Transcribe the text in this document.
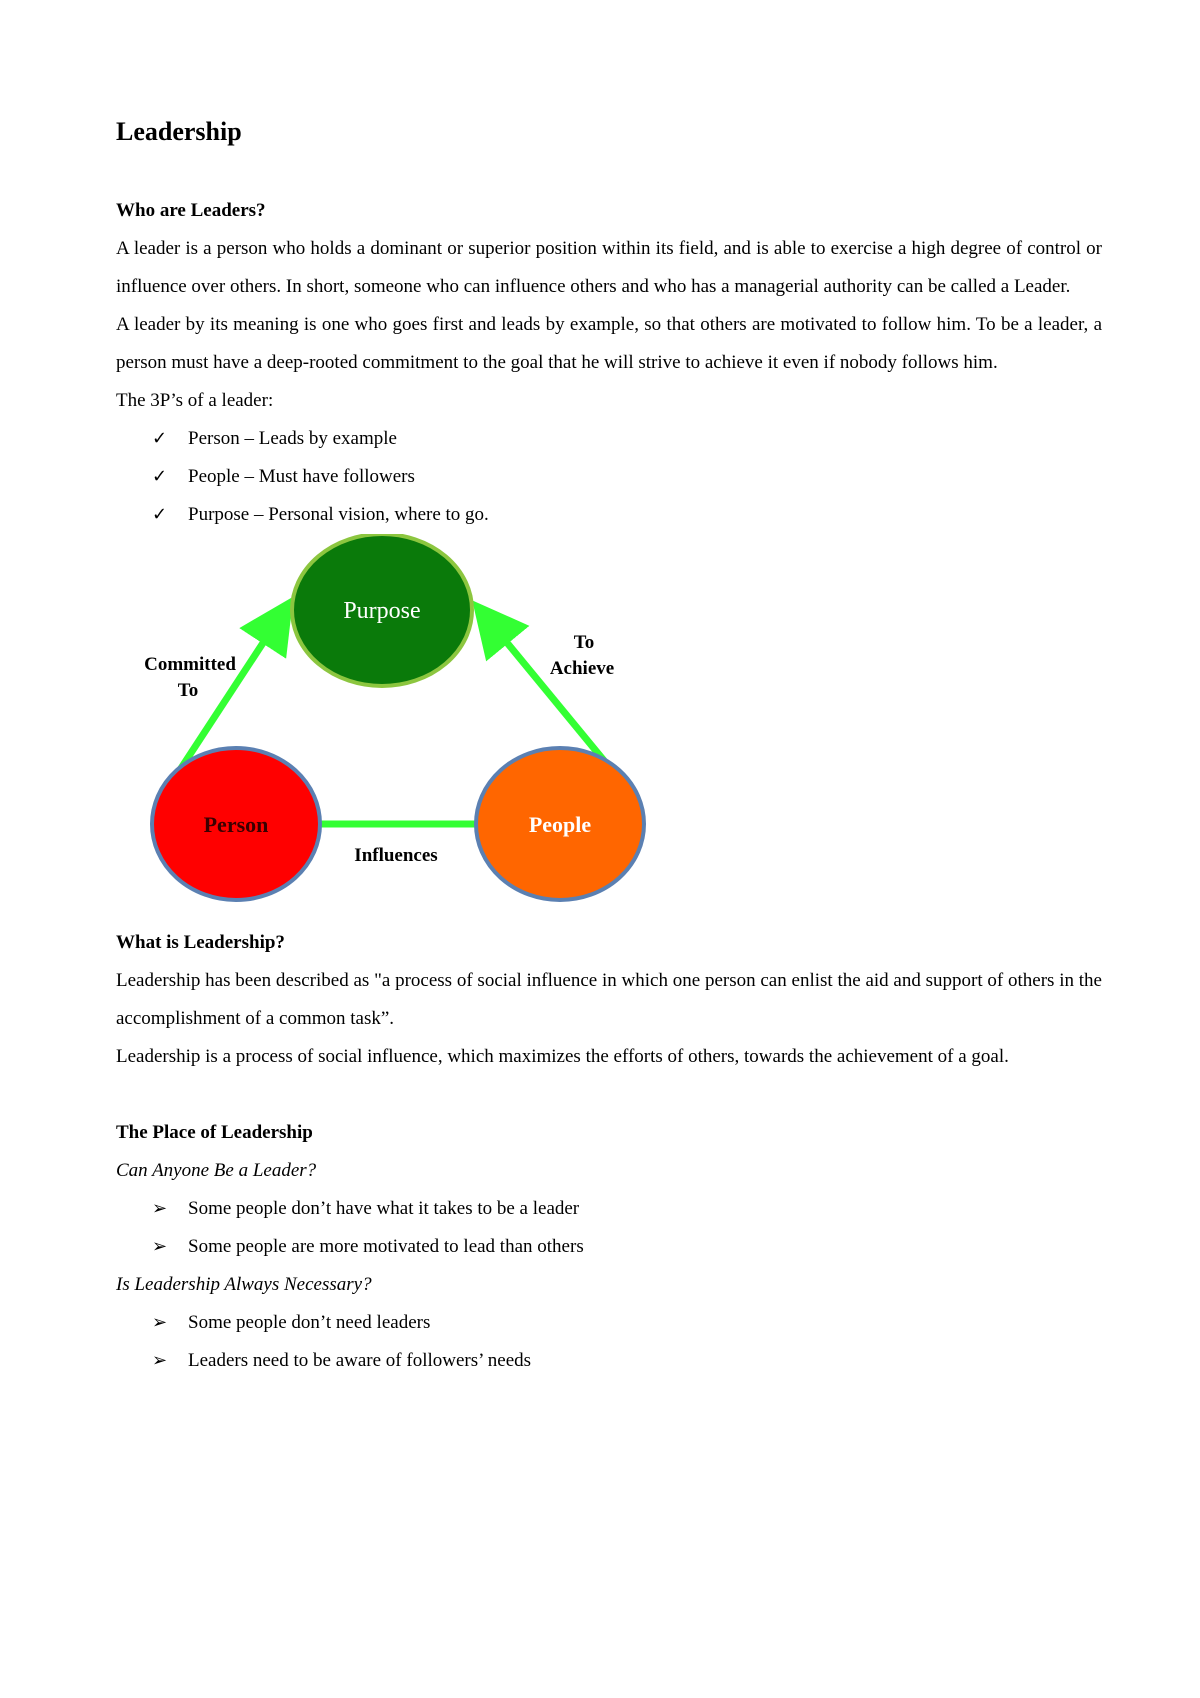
Leadership

Who are Leaders?

A leader is a person who holds a dominant or superior position within its field, and is able to exercise a high degree of control or influence over others. In short, someone who can influence others and who has a managerial authority can be called a Leader.

A leader by its meaning is one who goes first and leads by example, so that others are motivated to follow him. To be a leader, a person must have a deep-rooted commitment to the goal that he will strive to achieve it even if nobody follows him.

The 3P’s of a leader:

✓	Person – Leads by example
✓	People – Must have followers
✓	Purpose – Personal vision, where to go.
Purpose
Person	People
Committed
To
To
Achieve
Influences

What is Leadership?

Leadership has been described as "a process of social influence in which one person can enlist the aid and support of others in the accomplishment of a common task”.

Leadership is a process of social influence, which maximizes the efforts of others, towards the achievement of a goal.

The Place of Leadership

Can Anyone Be a Leader?

➢	Some people don’t have what it takes to be a leader
➢	Some people are more motivated to lead than others

Is Leadership Always Necessary?

➢	Some people don’t need leaders
➢	Leaders need to be aware of followers’ needs
